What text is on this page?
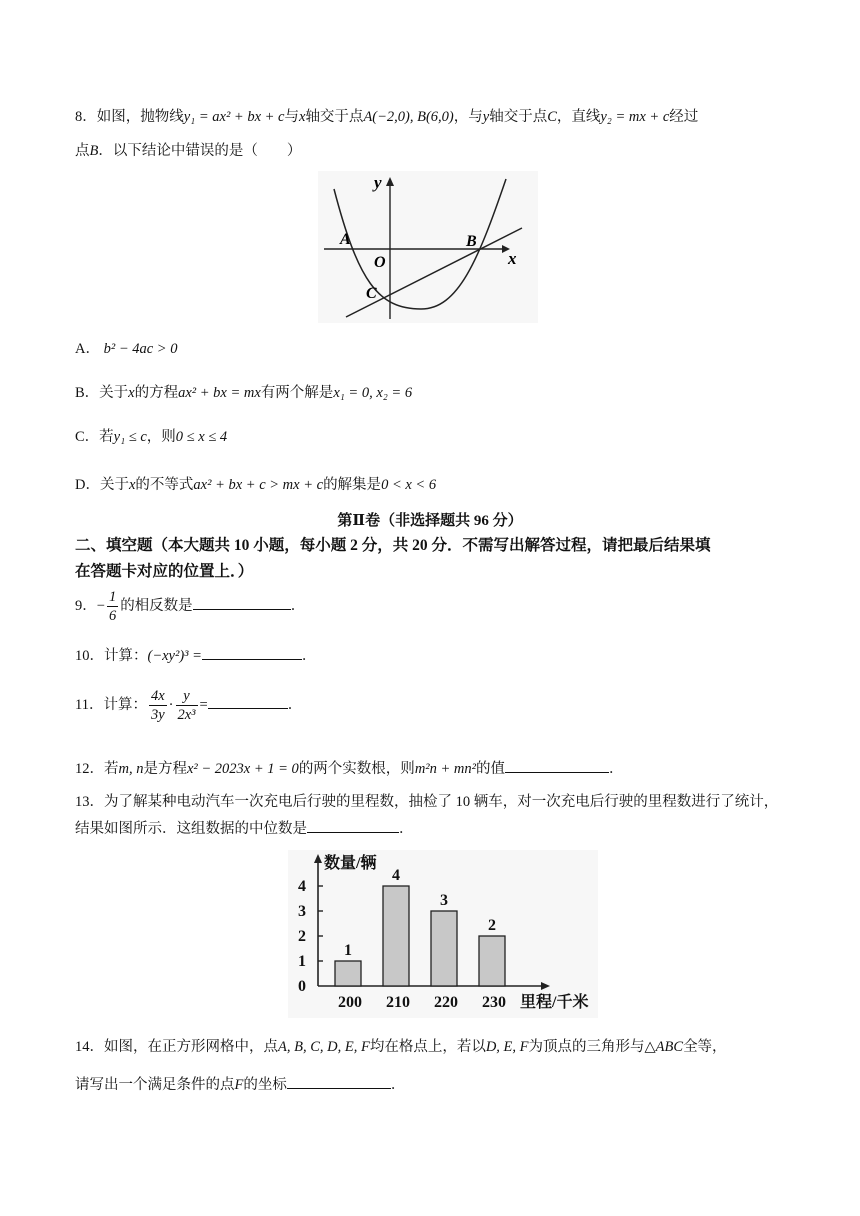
8．如图，抛物线y₁ = ax² + bx + c与x轴交于点A(−2,0), B(6,0)，与y轴交于点C，直线y₂ = mx + c经过
点B．以下结论中错误的是（　　）
y
x
A	B
O
C
A． b² − 4ac > 0
B．关于x的方程ax² + bx = mx有两个解是x₁ = 0, x₂ = 6
C．若y₁ ≤ c，则0 ≤ x ≤ 4
D．关于x的不等式ax² + bx + c > mx + c的解集是0 < x < 6
第Ⅱ卷（非选择题共 96 分）
二、填空题（本大题共 10 小题，每小题 2 分，共 20 分．不需写出解答过程，请把最后结果填
在答题卡对应的位置上．）
9．− $\frac{1}{6}$ 的相反数是	．
10．计算：(−xy²)³ =	．
11．计算： $\frac{4x}{3y} \cdot \frac{y}{\text{2x³}}$ =	．
12．若m, n是方程x² − 2023x + 1 = 0的两个实数根，则m²n + mn²的值	．
13．为了解某种电动汽车一次充电后行驶的里程数，抽检了 10 辆车，对一次充电后行驶的里程数进行了统计，
结果如图所示．这组数据的中位数是	．
0
1
2
3
4
数量/辆
1
200
4
210
3
220
2
230 里程/千米
14．如图，在正方形网格中，点A, B, C, D, E, F均在格点上，若以D, E, F为顶点的三角形与△ABC全等，
请写出一个满足条件的点F的坐标	．
